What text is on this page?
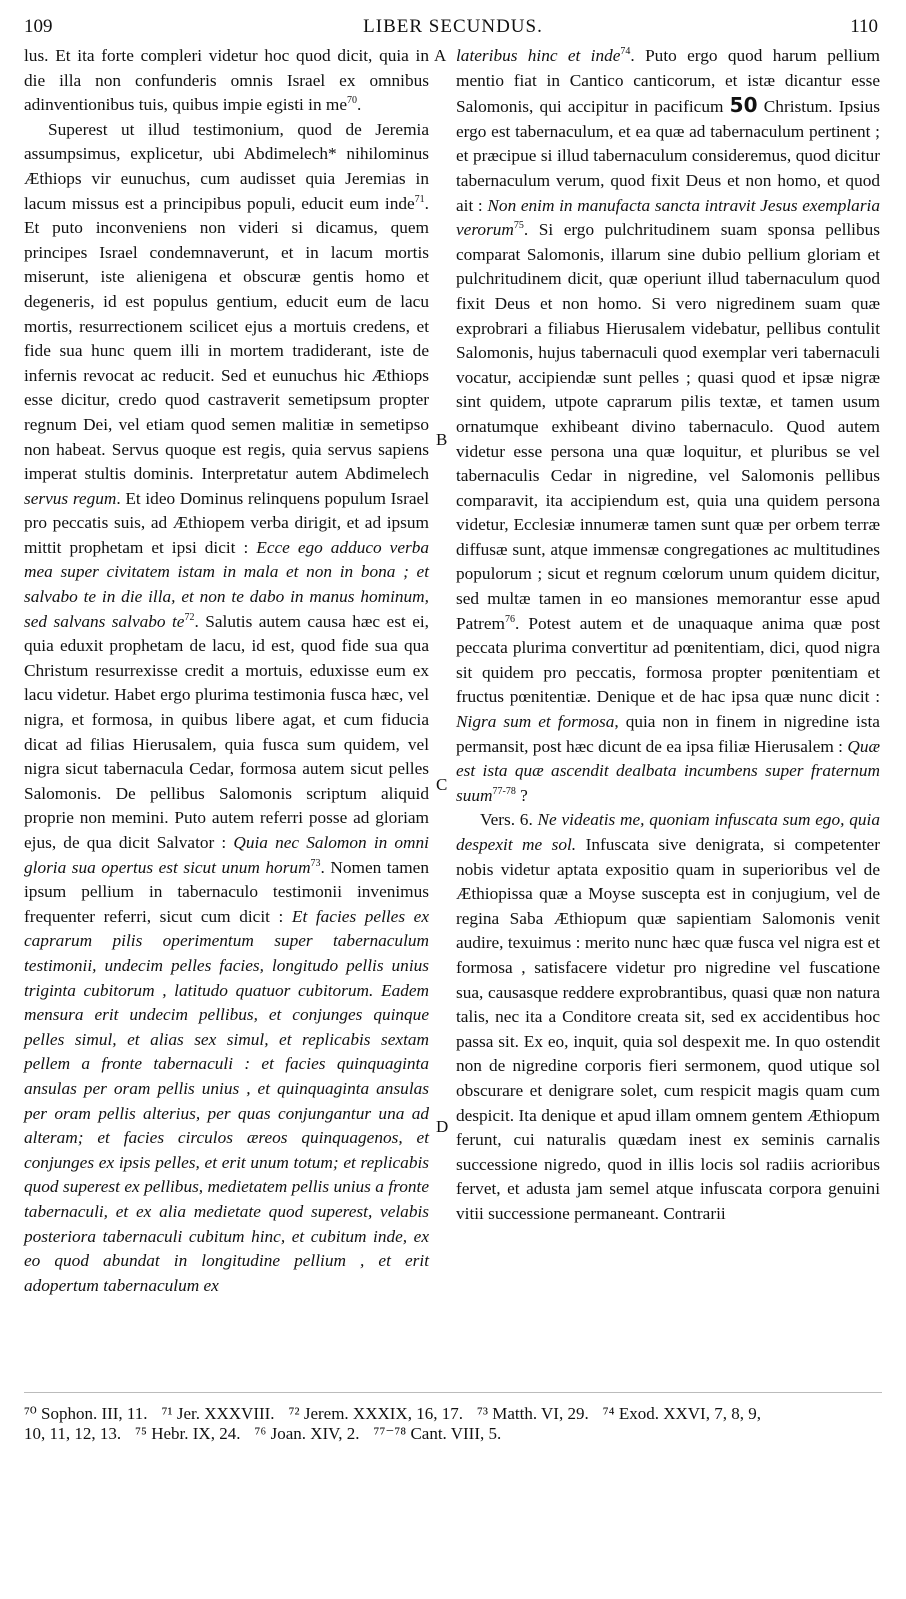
109	LIBER SECUNDUS.	110

lus. Et ita forte compleri videtur hoc quod dicit, quia in die illa non confunderis omnis Israel ex omnibus adinventionibus tuis, quibus impie egisti in $me^{70}$.

Superest ut illud testimonium, quod de Jeremia assumpsimus, explicetur, ubi Abdimelech* nihilominus Æthiops vir eunuchus, cum audisset quia Jeremias in lacum missus est a principibus populi, educit eum inde$^{71}$. Et puto inconveniens non videri si dicamus, quem principes Israel condemnaverunt, et in lacum mortis miserunt, iste alienigena et obscuræ gentis homo et degeneris, id est populus gentium, educit eum de lacu mortis, resurrectionem scilicet ejus a mortuis credens, et fide sua hunc quem illi in mortem tradiderant, iste de infernis revocat ac reducit. Sed et eunuchus hic Æthiops esse dicitur, credo quod castraverit semetipsum propter regnum Dei, vel etiam quod semen malitiæ in semetipso non habeat. Servus quoque est regis, quia servus sapiens imperat stultis dominis. Interpretatur autem Abdimelech servus regum. Et ideo Dominus relinquens populum Israel pro peccatis suis, ad Æthiopem verba dirigit, et ad ipsum mittit prophetam et ipsi dicit : Ecce ego adduco verba mea super civitatem istam in mala et non in bona ; et salvabo te in die illa, et non te dabo in manus hominum, sed salvans salvabo $te^{72}$. Salutis autem causa hæc est ei, quia eduxit prophetam de lacu, id est, quod fide sua qua Christum resurrexisse credit a mortuis, eduxisse eum ex lacu videtur. Habet ergo plurima testimonia fusca hæc, vel nigra, et formosa, in quibus libere agat, et cum fiducia dicat ad filias Hierusalem, quia fusca sum quidem, vel nigra sicut tabernacula Cedar, formosa autem sicut pelles Salomonis. De pellibus Salomonis scriptum aliquid proprie non memini. Puto autem referri posse ad gloriam ejus, de qua dicit Salvator : Quia nec Salomon in omni gloria sua opertus est sicut unum horum$^{73}$. Nomen tamen ipsum pellium in tabernaculo testimonii invenimus frequenter referri, sicut cum dicit : Et facies pelles ex caprarum pilis operimentum super tabernaculum testimonii, undecim pelles facies, longitudo pellis unius triginta cubitorum , latitudo quatuor cubitorum. Eadem mensura erit undecim pellibus, et conjunges quinque pelles simul, et alias sex simul, et replicabis sextam pellem a fronte tabernaculi : et facies quinquaginta ansulas per oram pellis unius , et quinquaginta ansulas per oram pellis alterius, per quas conjungantur una ad alteram; et facies circulos æreos quinquagenos, et conjunges ex ipsis pelles, et erit unum totum; et replicabis quod superest ex pellibus, medietatem pellis unius a fronte tabernaculi, et ex alia medietate quod superest, velabis posteriora tabernaculi cubitum hinc, et cubitum inde, ex eo quod abundat in longitudine pellium , et erit adopertum tabernaculum ex

A
B
C
D

lateribus hinc et inde$^{74}$. Puto ergo quod harum pellium mentio fiat in Cantico canticorum, et istæ dicantur esse Salomonis, qui accipitur in pacificum 50 Christum. Ipsius ergo est tabernaculum, et ea quæ ad tabernaculum pertinent ; et præcipue si illud tabernaculum consideremus, quod dicitur tabernaculum verum, quod fixit Deus et non homo, et quod ait : Non enim in manufacta sancta intravit Jesus exemplaria verorum$^{75}$. Si ergo pulchritudinem suam sponsa pellibus comparat Salomonis, illarum sine dubio pellium gloriam et pulchritudinem dicit, quæ operiunt illud tabernaculum quod fixit Deus et non homo. Si vero nigredinem suam quæ exprobrari a filiabus Hierusalem videbatur, pellibus contulit Salomonis, hujus tabernaculi quod exemplar veri tabernaculi vocatur, accipiendæ sunt pelles ; quasi quod et ipsæ nigræ sint quidem, utpote caprarum pilis textæ, et tamen usum ornatumque exhibeant divino tabernaculo. Quod autem videtur esse persona una quæ loquitur, et pluribus se vel tabernaculis Cedar in nigredine, vel Salomonis pellibus comparavit, ita accipiendum est, quia una quidem persona videtur, Ecclesiæ innumeræ tamen sunt quæ per orbem terræ diffusæ sunt, atque immensæ congregationes ac multitudines populorum ; sicut et regnum cœlorum unum quidem dicitur, sed multæ tamen in eo mansiones memorantur esse apud Patrem$^{76}$. Potest autem et de unaquaque anima quæ post peccata plurima convertitur ad pœnitentiam, dici, quod nigra sit quidem pro peccatis, formosa propter pœnitentiam et fructus pœnitentiæ. Denique et de hac ipsa quæ nunc dicit : Nigra sum et formosa, quia non in finem in nigredine ista permansit, post hæc dicunt de ea ipsa filiæ Hierusalem : Quæ est ista quæ ascendit dealbata incumbens super fraternum suum$^{77-78}$ ?

Vers. 6. Ne videatis me, quoniam infuscata sum ego, quia despexit me sol. Infuscata sive denigrata, si competenter nobis videtur aptata expositio quam in superioribus vel de Æthiopissa quæ a Moyse suscepta est in conjugium, vel de regina Saba Æthiopum quæ sapientiam Salomonis venit audire, texuimus : merito nunc hæc quæ fusca vel nigra est et formosa , satisfacere videtur pro nigredine vel fuscatione sua, causasque reddere exprobrantibus, quasi quæ non natura talis, nec ita a Conditore creata sit, sed ex accidentibus hoc passa sit. Ex eo, inquit, quia sol despexit me. In quo ostendit non de nigredine corporis fieri sermonem, quod utique sol obscurare et denigrare solet, cum respicit magis quam cum despicit. Ita denique et apud illam omnem gentem Æthiopum ferunt, cui naturalis quædam inest ex seminis carnalis successione nigredo, quod in illis locis sol radiis acrioribus fervet, et adusta jam semel atque infuscata corpora genuini vitii successione permaneant. Contrarii

⁷⁰ Sophon. III, 11. ⁷¹ Jer. XXXVIII. ⁷² Jerem. XXXIX, 16, 17. ⁷³ Matth. VI, 29. ⁷⁴ Exod. XXVI, 7, 8, 9,
10, 11, 12, 13. ⁷⁵ Hebr. IX, 24. ⁷⁶ Joan. XIV, 2. ⁷⁷⁻⁷⁸ Cant. VIII, 5.
